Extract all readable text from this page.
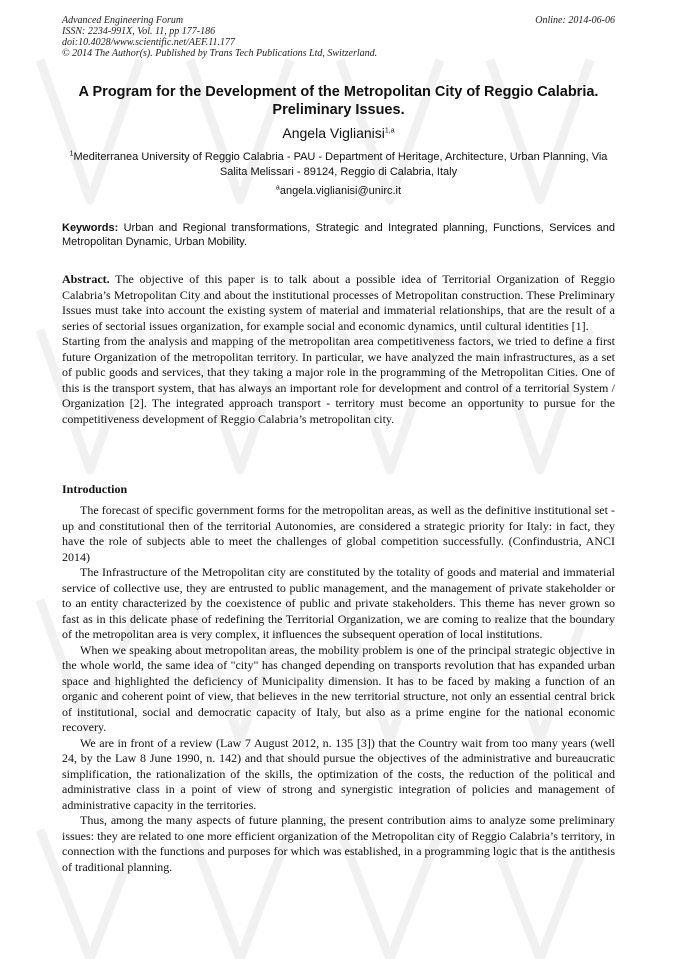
Advanced Engineering Forum
ISSN: 2234-991X, Vol. 11, pp 177-186
doi:10.4028/www.scientific.net/AEF.11.177
© 2014 The Author(s). Published by Trans Tech Publications Ltd, Switzerland.
Online: 2014-06-06
A Program for the Development of the Metropolitan City of Reggio Calabria. Preliminary Issues.
Angela Viglianisi$^{1,a}$
$^1$Mediterranea University of Reggio Calabria - PAU - Department of Heritage, Architecture, Urban Planning, Via Salita Melissari - 89124, Reggio di Calabria, Italy
$^a$angela.viglianisi@unirc.it
Keywords: Urban and Regional transformations, Strategic and Integrated planning, Functions, Services and Metropolitan Dynamic, Urban Mobility.

Abstract. The objective of this paper is to talk about a possible idea of Territorial Organization of Reggio Calabria’s Metropolitan City and about the institutional processes of Metropolitan construction. These Preliminary Issues must take into account the existing system of material and immaterial relationships, that are the result of a series of sectorial issues organization, for example social and economic dynamics, until cultural identities [1].

Starting from the analysis and mapping of the metropolitan area competitiveness factors, we tried to define a first future Organization of the metropolitan territory. In particular, we have analyzed the main infrastructures, as a set of public goods and services, that they taking a major role in the programming of the Metropolitan Cities. One of this is the transport system, that has always an important role for development and control of a territorial System / Organization [2]. The integrated approach transport - territory must become an opportunity to pursue for the competitiveness development of Reggio Calabria’s metropolitan city.

Introduction

The forecast of specific government forms for the metropolitan areas, as well as the definitive institutional set - up and constitutional then of the territorial Autonomies, are considered a strategic priority for Italy: in fact, they have the role of subjects able to meet the challenges of global competition successfully. (Confindustria, ANCI 2014)

The Infrastructure of the Metropolitan city are constituted by the totality of goods and material and immaterial service of collective use, they are entrusted to public management, and the management of private stakeholder or to an entity characterized by the coexistence of public and private stakeholders. This theme has never grown so fast as in this delicate phase of redefining the Territorial Organization, we are coming to realize that the boundary of the metropolitan area is very complex, it influences the subsequent operation of local institutions.

When we speaking about metropolitan areas, the mobility problem is one of the principal strategic objective in the whole world, the same idea of "city" has changed depending on transports revolution that has expanded urban space and highlighted the deficiency of Municipality dimension. It has to be faced by making a function of an organic and coherent point of view, that believes in the new territorial structure, not only an essential central brick of institutional, social and democratic capacity of Italy, but also as a prime engine for the national economic recovery.

We are in front of a review (Law 7 August 2012, n. 135 [3]) that the Country wait from too many years (well 24, by the Law 8 June 1990, n. 142) and that should pursue the objectives of the administrative and bureaucratic simplification, the rationalization of the skills, the optimization of the costs, the reduction of the political and administrative class in a point of view of strong and synergistic integration of policies and management of administrative capacity in the territories.

Thus, among the many aspects of future planning, the present contribution aims to analyze some preliminary issues: they are related to one more efficient organization of the Metropolitan city of Reggio Calabria’s territory, in connection with the functions and purposes for which was established, in a programming logic that is the antithesis of traditional planning.
